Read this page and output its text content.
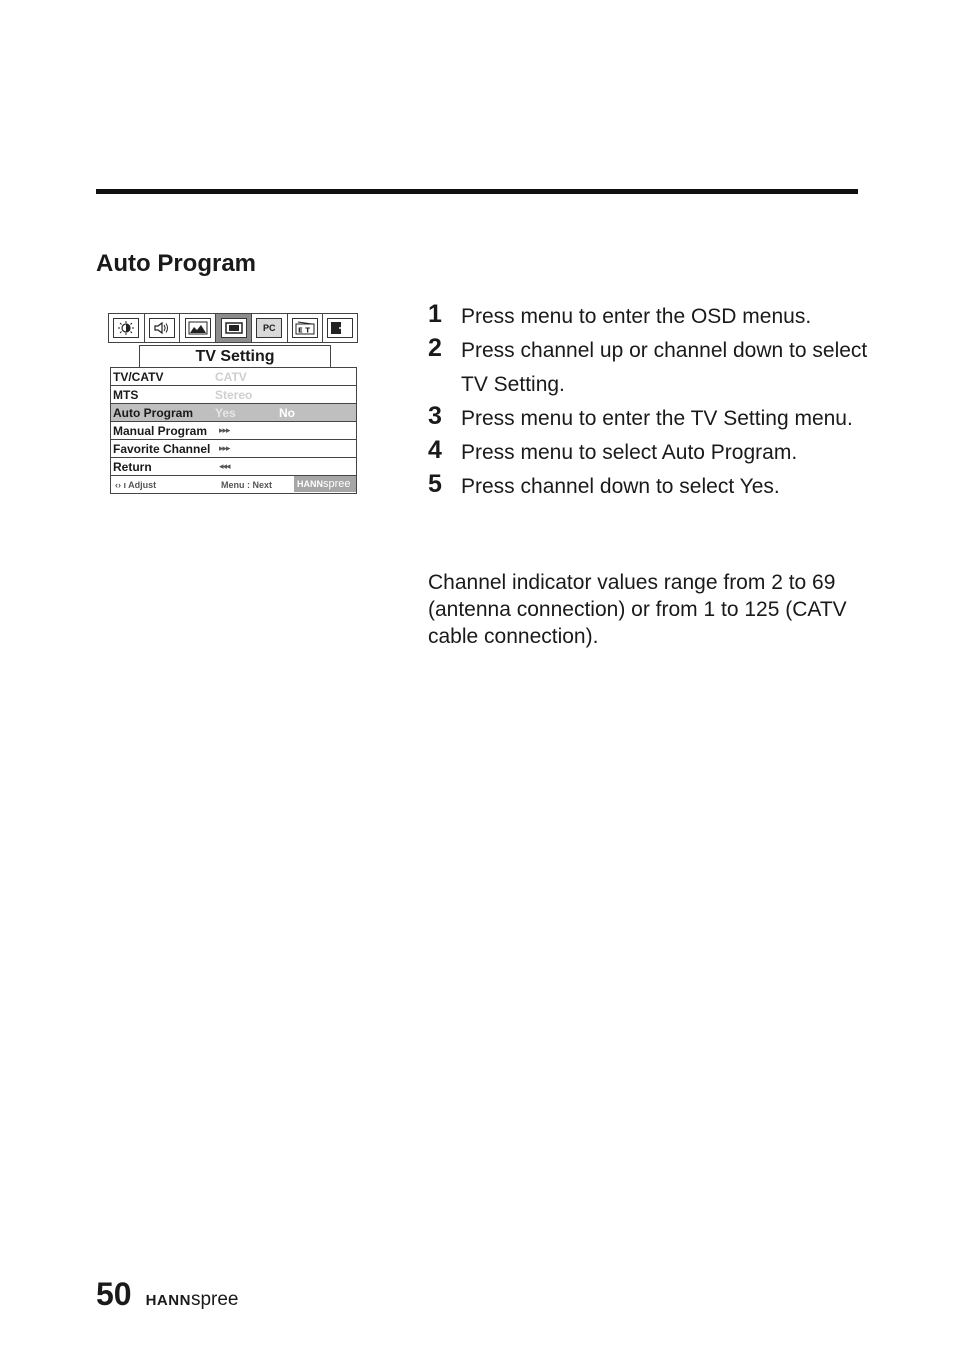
Auto Program
PC	E T
TV Setting
TV/CATV	CATV
MTS	Stereo
Auto Program	Yes	No
Manual Program	▸▸▸
Favorite Channel ▸▸▸
Return	◂◂◂
‹› ı Adjust	Menu : Next	HANNspree
1 Press menu to enter the OSD menus.
2 Press channel up or channel down to select TV Setting.
3 Press menu to enter the TV Setting menu.
4 Press menu to select Auto Program.
5 Press channel down to select Yes.
Channel indicator values range from 2 to 69 (antenna connection) or from 1 to 125 (CATV cable connection).
50 HANNspree
